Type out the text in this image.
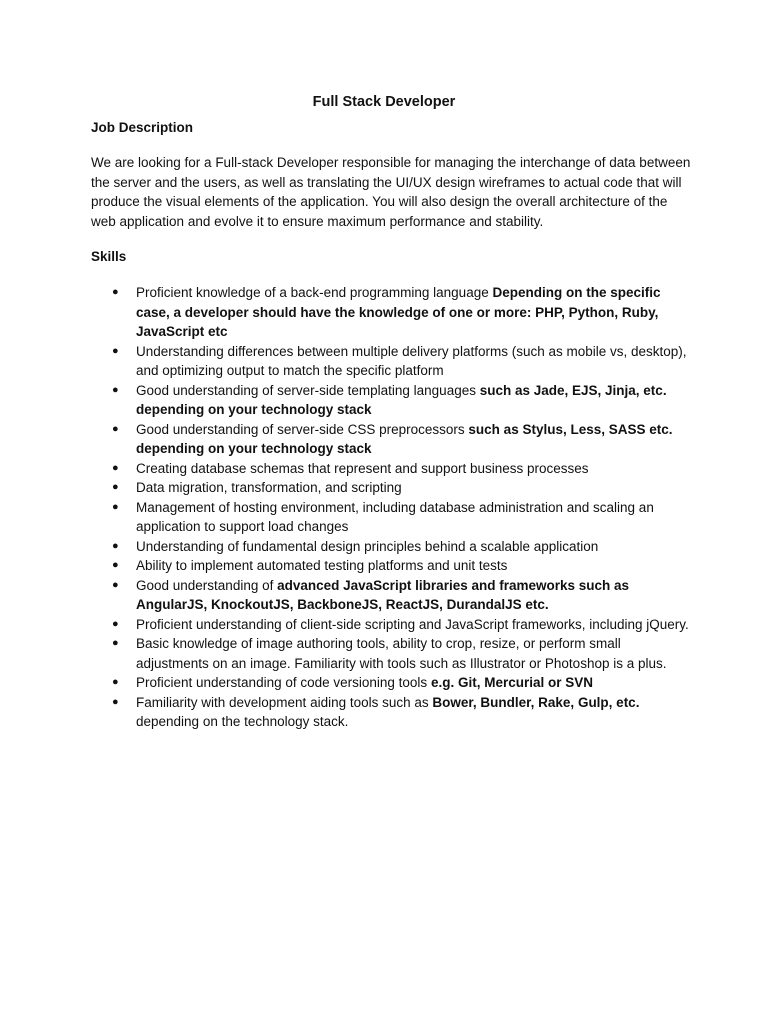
Full Stack Developer
Job Description

We are looking for a Full-stack Developer responsible for managing the interchange of data between the server and the users, as well as translating the UI/UX design wireframes to actual code that will produce the visual elements of the application. You will also design the overall architecture of the web application and evolve it to ensure maximum performance and stability.

Skills
● Proficient knowledge of a back-end programming language Depending on the specific case, a developer should have the knowledge of one or more: PHP, Python, Ruby, JavaScript etc
● Understanding differences between multiple delivery platforms (such as mobile vs, desktop), and optimizing output to match the specific platform
● Good understanding of server-side templating languages such as Jade, EJS, Jinja, etc. depending on your technology stack
● Good understanding of server-side CSS preprocessors such as Stylus, Less, SASS etc. depending on your technology stack
● Creating database schemas that represent and support business processes
● Data migration, transformation, and scripting
● Management of hosting environment, including database administration and scaling an application to support load changes
● Understanding of fundamental design principles behind a scalable application
● Ability to implement automated testing platforms and unit tests
● Good understanding of advanced JavaScript libraries and frameworks such as AngularJS, KnockoutJS, BackboneJS, ReactJS, DurandalJS etc.
● Proficient understanding of client-side scripting and JavaScript frameworks, including jQuery.
● Basic knowledge of image authoring tools, ability to crop, resize, or perform small adjustments on an image. Familiarity with tools such as Illustrator or Photoshop is a plus.
● Proficient understanding of code versioning tools e.g. Git, Mercurial or SVN
● Familiarity with development aiding tools such as Bower, Bundler, Rake, Gulp, etc. depending on the technology stack.
